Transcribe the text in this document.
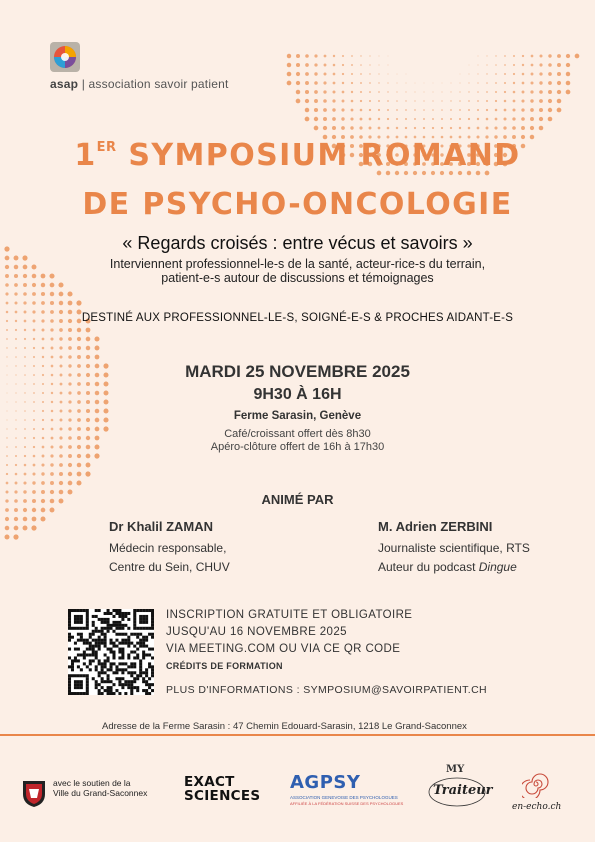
asap | association savoir patient
1ER SYMPOSIUM ROMAND
DE PSYCHO-ONCOLOGIE
« Regards croisés : entre vécus et savoirs »
Interviennent professionnel-le-s de la santé, acteur-rice-s du terrain,
patient-e-s autour de discussions et témoignages
DESTINÉ AUX PROFESSIONNEL-LE-S, SOIGNÉ-E-S & PROCHES AIDANT-E-S
MARDI 25 NOVEMBRE 2025
9H30 À 16H
Ferme Sarasin, Genève
Café/croissant offert dès 8h30
Apéro-clôture offert de 16h à 17h30
ANIMÉ PAR
Dr Khalil ZAMAN
Médecin responsable,
Centre du Sein, CHUV
M. Adrien ZERBINI
Journaliste scientifique, RTS
Auteur du podcast Dingue
INSCRIPTION GRATUITE ET OBLIGATOIRE
JUSQU'AU 16 NOVEMBRE 2025
VIA MEETING.COM OU VIA CE QR CODE
CRÉDITS DE FORMATION
PLUS D'INFORMATIONS : SYMPOSIUM@SAVOIRPATIENT.CH
Adresse de la Ferme Sarasin : 47 Chemin Edouard-Sarasin, 1218 Le Grand-Saconnex
avec le soutien de la
Ville du Grand-Saconnex
EXACT
SCIENCES
AGPSY
ASSOCIATION GENEVOISE DES PSYCHOLOGUES
AFFILIÉE À LA FÉDÉRATION SUISSE DES PSYCHOLOGUES
MY
Traiteur
en-echo.ch
